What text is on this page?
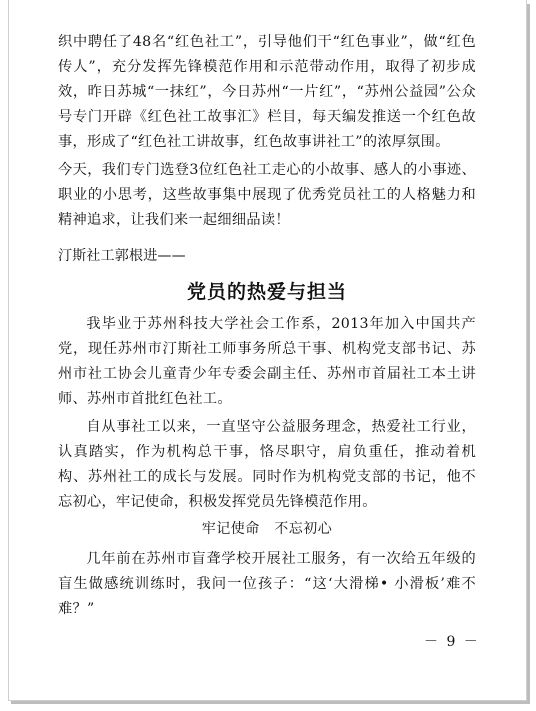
织中聘任了48名“红色社工”，引导他们干“红色事业”，做“红色传人”，充分发挥先锋模范作用和示范带动作用，取得了初步成效，昨日苏城“一抹红”，今日苏州“一片红”，“苏州公益园”公众号专门开辟《红色社工故事汇》栏目，每天编发推送一个红色故事，形成了“红色社工讲故事，红色故事讲社工”的浓厚氛围。

今天，我们专门选登3位红色社工走心的小故事、感人的小事迹、职业的小思考，这些故事集中展现了优秀党员社工的人格魅力和精神追求，让我们来一起细细品读！

汀斯社工郭根进——
党员的热爱与担当

我毕业于苏州科技大学社会工作系，2013年加入中国共产党，现任苏州市汀斯社工师事务所总干事、机构党支部书记、苏州市社工协会儿童青少年专委会副主任、苏州市首届社工本土讲师、苏州市首批红色社工。

自从事社工以来，一直坚守公益服务理念，热爱社工行业，认真踏实，作为机构总干事，恪尽职守，肩负重任，推动着机构、苏州社工的成长与发展。同时作为机构党支部的书记，他不忘初心，牢记使命，积极发挥党员先锋模范作用。

牢记使命　不忘初心

几年前在苏州市盲聋学校开展社工服务，有一次给五年级的盲生做感统训练时，我问一位孩子：“这‘大滑梯• 小滑板’难不难？”

－ 9 －
